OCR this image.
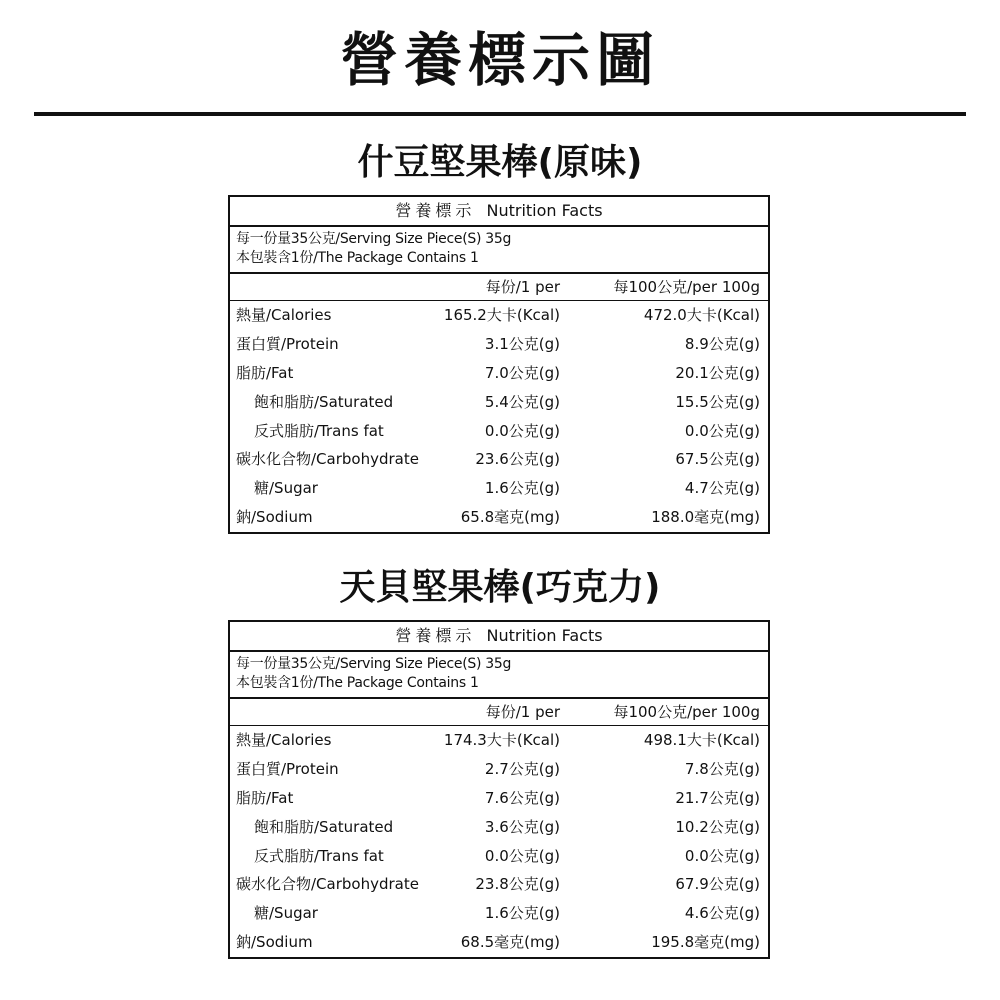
營養標示圖
什豆堅果棒(原味)
營養標示 Nutrition Facts
每一份量35公克/Serving Size Piece(S) 35g
本包裝含1份/The Package Contains 1
每份/1 per	每100公克/per 100g
熱量/Calories	165.2大卡(Kcal)	472.0大卡(Kcal)
蛋白質/Protein	3.1公克(g)	8.9公克(g)
脂肪/Fat	7.0公克(g)	20.1公克(g)
飽和脂肪/Saturated	5.4公克(g)	15.5公克(g)
反式脂肪/Trans fat	0.0公克(g)	0.0公克(g)
碳水化合物/Carbohydrate	23.6公克(g)	67.5公克(g)
糖/Sugar	1.6公克(g)	4.7公克(g)
鈉/Sodium	65.8毫克(mg)	188.0毫克(mg)
天貝堅果棒(巧克力)
營養標示 Nutrition Facts
每一份量35公克/Serving Size Piece(S) 35g
本包裝含1份/The Package Contains 1
每份/1 per	每100公克/per 100g
熱量/Calories	174.3大卡(Kcal)	498.1大卡(Kcal)
蛋白質/Protein	2.7公克(g)	7.8公克(g)
脂肪/Fat	7.6公克(g)	21.7公克(g)
飽和脂肪/Saturated	3.6公克(g)	10.2公克(g)
反式脂肪/Trans fat	0.0公克(g)	0.0公克(g)
碳水化合物/Carbohydrate	23.8公克(g)	67.9公克(g)
糖/Sugar	1.6公克(g)	4.6公克(g)
鈉/Sodium	68.5毫克(mg)	195.8毫克(mg)
